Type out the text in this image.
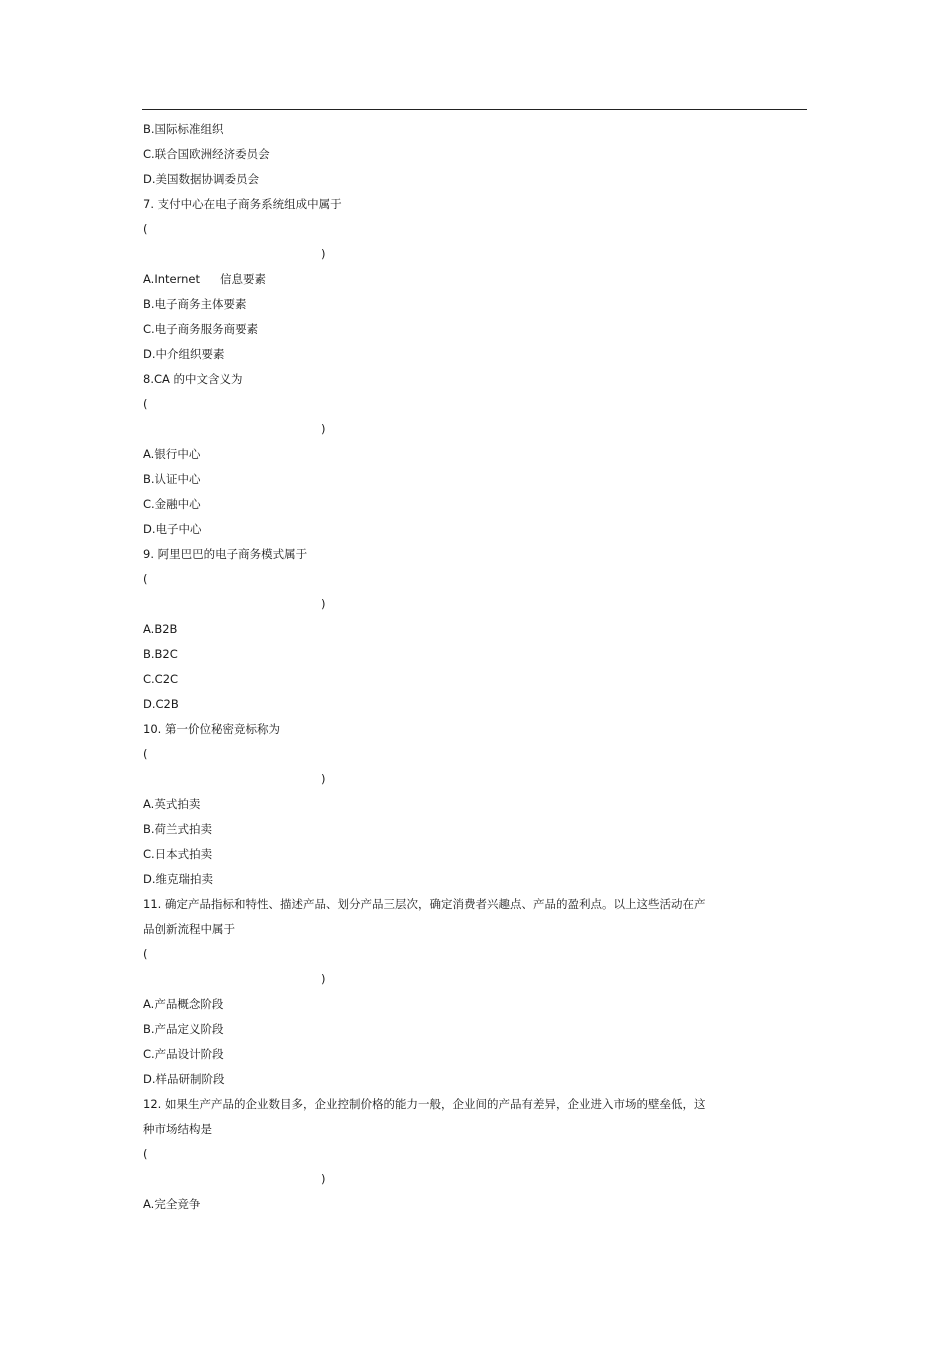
B.国际标准组织
C.联合国欧洲经济委员会
D.美国数据协调委员会
7. 支付中心在电子商务系统组成中属于
(
)
A.Internet 信息要素
B.电子商务主体要素
C.电子商务服务商要素
D.中介组织要素
8.CA 的中文含义为
(
)
A.银行中心
B.认证中心
C.金融中心
D.电子中心
9. 阿里巴巴的电子商务模式属于
(
)
A.B2B
B.B2C
C.C2C
D.C2B
10. 第一价位秘密竞标称为
(
)
A.英式拍卖
B.荷兰式拍卖
C.日本式拍卖
D.维克瑞拍卖
11. 确定产品指标和特性、描述产品、划分产品三层次，确定消费者兴趣点、产品的盈利点。以上这些活动在产
品创新流程中属于
(
)
A.产品概念阶段
B.产品定义阶段
C.产品设计阶段
D.样品研制阶段
12. 如果生产产品的企业数目多，企业控制价格的能力一般，企业间的产品有差异，企业进入市场的壁垒低，这
种市场结构是
(
)
A.完全竞争
